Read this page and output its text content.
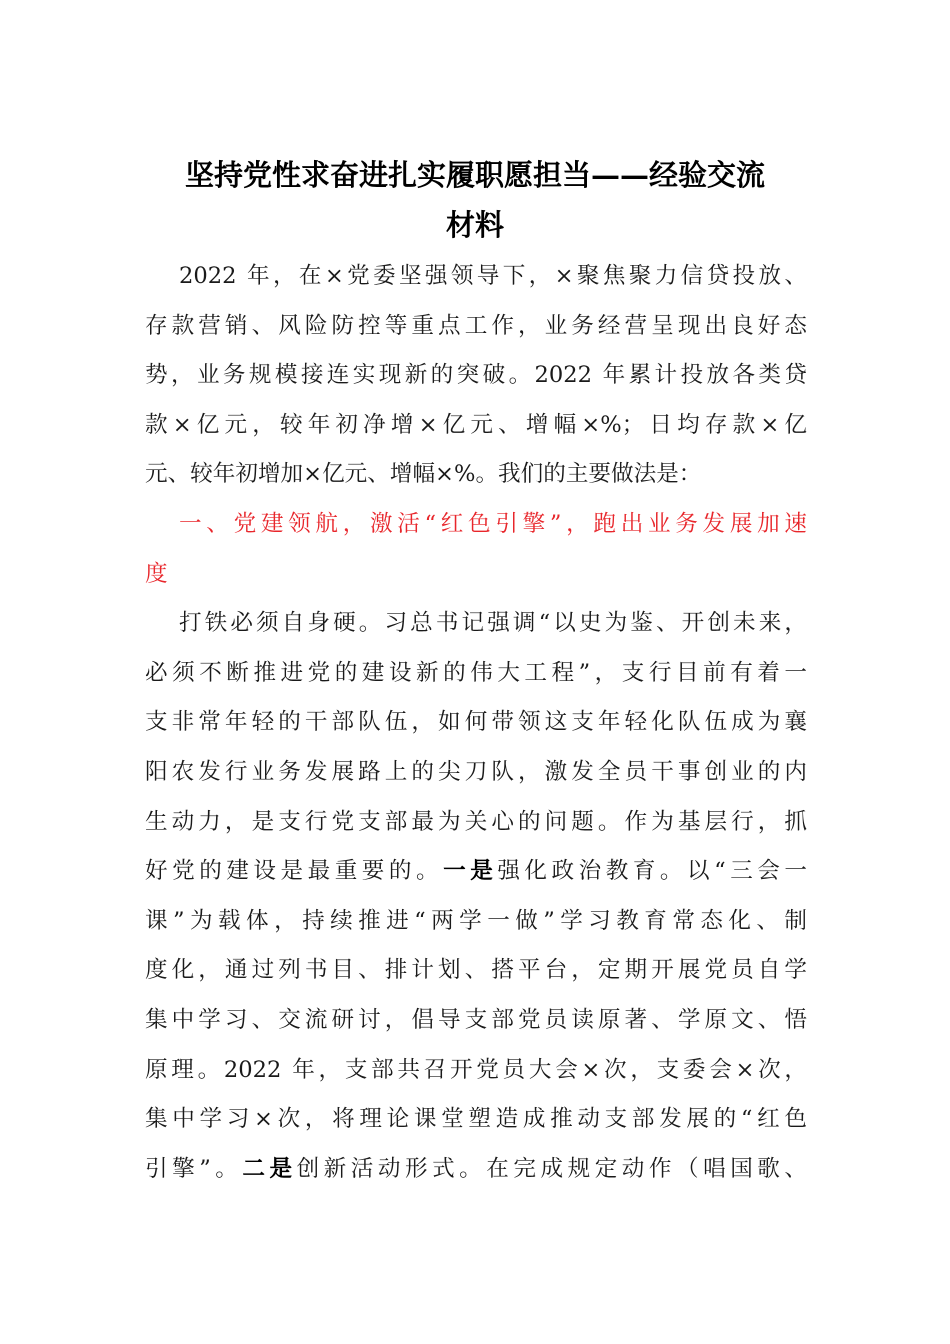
坚持党性求奋进扎实履职愿担当——经验交流
材料
2022 年，在×党委坚强领导下，×聚焦聚力信贷投放、
存款营销、风险防控等重点工作，业务经营呈现出良好态
势，业务规模接连实现新的突破。2022 年累计投放各类贷
款×亿元，较年初净增×亿元、增幅×%；日均存款×亿
元、较年初增加×亿元、增幅×%。我们的主要做法是：
一、党建领航，激活“红色引擎”，跑出业务发展加速
度
打铁必须自身硬。习总书记强调“以史为鉴、开创未来，
必须不断推进党的建设新的伟大工程”，支行目前有着一
支非常年轻的干部队伍，如何带领这支年轻化队伍成为襄
阳农发行业务发展路上的尖刀队，激发全员干事创业的内
生动力，是支行党支部最为关心的问题。作为基层行，抓
好党的建设是最重要的。一是强化政治教育。以“三会一
课”为载体，持续推进“两学一做”学习教育常态化、制
度化，通过列书目、排计划、搭平台，定期开展党员自学
集中学习、交流研讨，倡导支部党员读原著、学原文、悟
原理。2022 年，支部共召开党员大会×次，支委会×次，
集中学习×次，将理论课堂塑造成推动支部发展的“红色
引擎”。二是创新活动形式。在完成规定动作（唱国歌、
